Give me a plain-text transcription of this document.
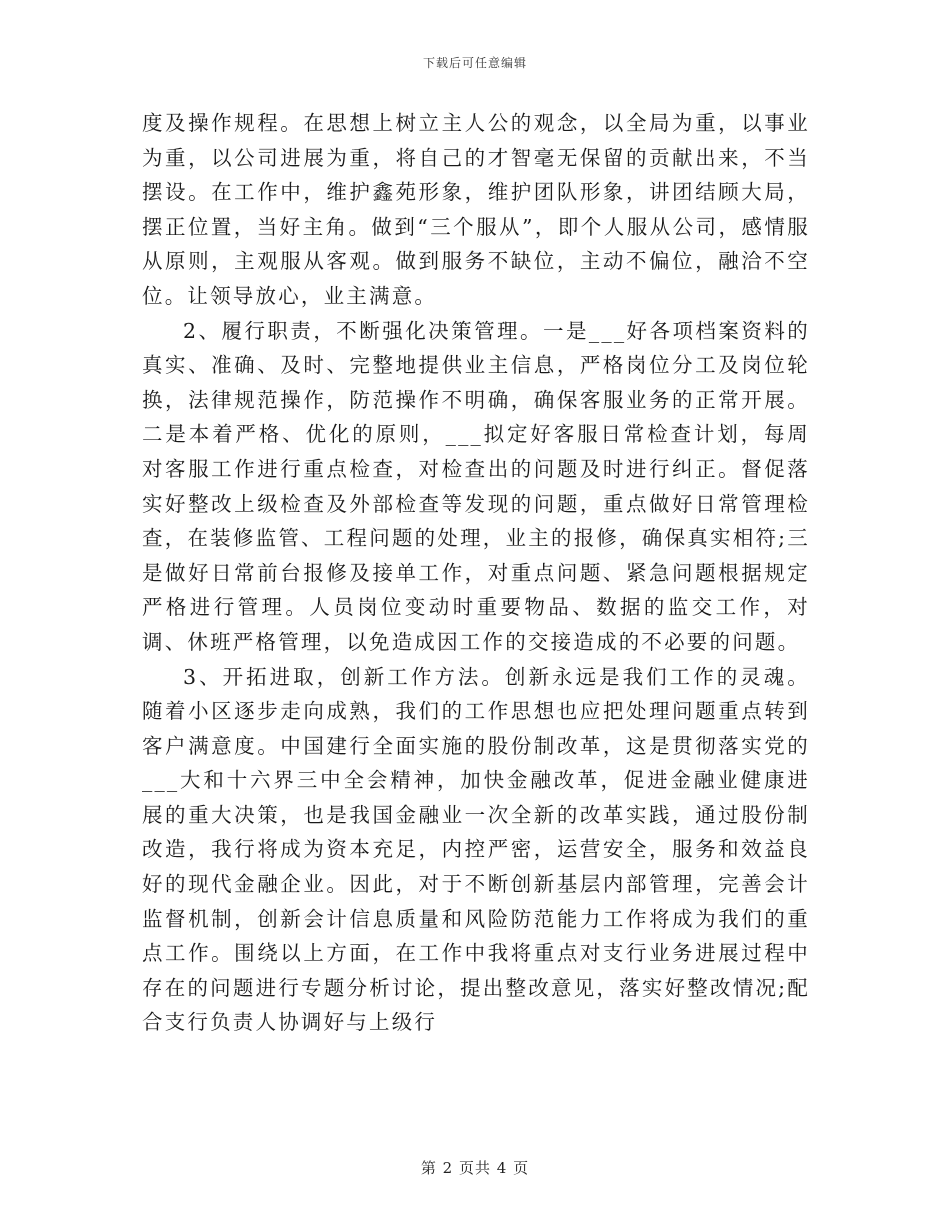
下载后可任意编辑

度及操作规程。在思想上树立主人公的观念，以全局为重，以事业为重，以公司进展为重，将自己的才智毫无保留的贡献出来，不当摆设。在工作中，维护鑫苑形象，维护团队形象，讲团结顾大局，摆正位置，当好主角。做到“三个服从”，即个人服从公司，感情服从原则，主观服从客观。做到服务不缺位，主动不偏位，融洽不空位。让领导放心，业主满意。

2、履行职责，不断强化决策管理。一是___好各项档案资料的真实、准确、及时、完整地提供业主信息，严格岗位分工及岗位轮换，法律规范操作，防范操作不明确，确保客服业务的正常开展。二是本着严格、优化的原则，___拟定好客服日常检查计划，每周对客服工作进行重点检查，对检查出的问题及时进行纠正。督促落实好整改上级检查及外部检查等发现的问题，重点做好日常管理检查，在装修监管、工程问题的处理，业主的报修，确保真实相符;三是做好日常前台报修及接单工作，对重点问题、紧急问题根据规定严格进行管理。人员岗位变动时重要物品、数据的监交工作，对调、休班严格管理，以免造成因工作的交接造成的不必要的问题。

3、开拓进取，创新工作方法。创新永远是我们工作的灵魂。随着小区逐步走向成熟，我们的工作思想也应把处理问题重点转到客户满意度。中国建行全面实施的股份制改革，这是贯彻落实党的___大和十六界三中全会精神，加快金融改革，促进金融业健康进展的重大决策，也是我国金融业一次全新的改革实践，通过股份制改造，我行将成为资本充足，内控严密，运营安全，服务和效益良好的现代金融企业。因此，对于不断创新基层内部管理，完善会计监督机制，创新会计信息质量和风险防范能力工作将成为我们的重点工作。围绕以上方面，在工作中我将重点对支行业务进展过程中存在的问题进行专题分析讨论，提出整改意见，落实好整改情况;配合支行负责人协调好与上级行

第 2 页共 4 页
